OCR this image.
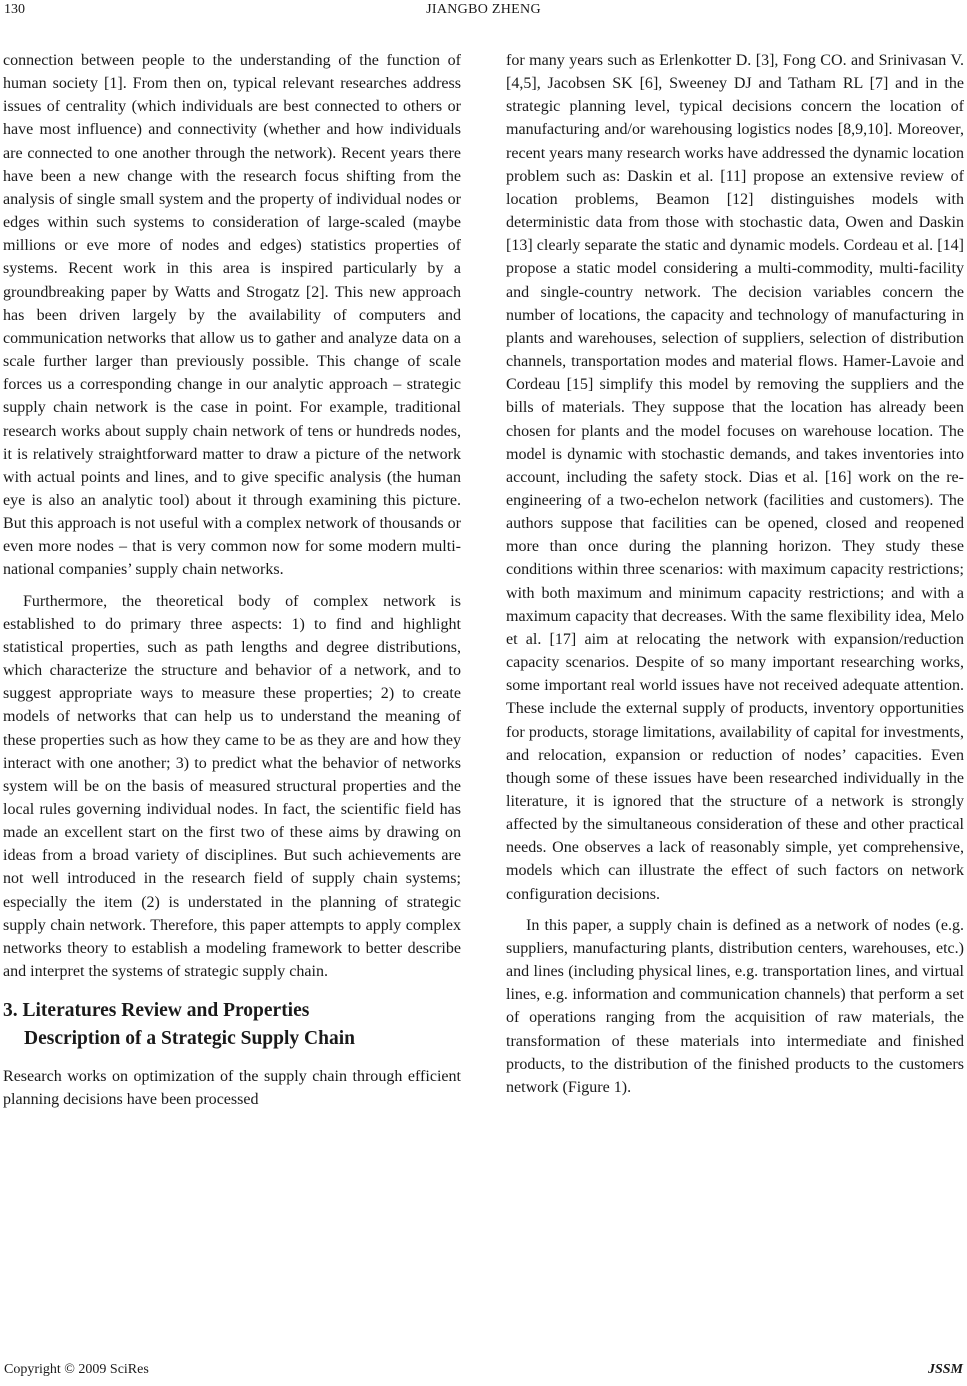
130	JIANGBO ZHENG

connection between people to the understanding of the function of human society [1]. From then on, typical relevant researches address issues of centrality (which individuals are best connected to others or have most influence) and connectivity (whether and how individuals are connected to one another through the network). Recent years there have been a new change with the research focus shifting from the analysis of single small system and the property of individual nodes or edges within such systems to consideration of large-scaled (maybe millions or eve more of nodes and edges) statistics properties of systems. Recent work in this area is inspired particularly by a groundbreaking paper by Watts and Strogatz [2]. This new approach has been driven largely by the availability of computers and communication networks that allow us to gather and analyze data on a scale further larger than previously possible. This change of scale forces us a corresponding change in our analytic approach – strategic supply chain network is the case in point. For example, traditional research works about supply chain network of tens or hundreds nodes, it is relatively straightforward matter to draw a picture of the network with actual points and lines, and to give specific analysis (the human eye is also an analytic tool) about it through examining this picture. But this approach is not useful with a complex network of thousands or even more nodes – that is very common now for some modern multi-national companies’ supply chain networks.

Furthermore, the theoretical body of complex network is established to do primary three aspects: 1) to find and highlight statistical properties, such as path lengths and degree distributions, which characterize the structure and behavior of a network, and to suggest appropriate ways to measure these properties; 2) to create models of networks that can help us to understand the meaning of these properties such as how they came to be as they are and how they interact with one another; 3) to predict what the behavior of networks system will be on the basis of measured structural properties and the local rules governing individual nodes. In fact, the scientific field has made an excellent start on the first two of these aims by drawing on ideas from a broad variety of disciplines. But such achievements are not well introduced in the research field of supply chain systems; especially the item (2) is understated in the planning of strategic supply chain network. Therefore, this paper attempts to apply complex networks theory to establish a modeling framework to better describe and interpret the systems of strategic supply chain.

3. Literatures Review and Properties
Description of a Strategic Supply Chain

Research works on optimization of the supply chain through efficient planning decisions have been processed

for many years such as Erlenkotter D. [3], Fong CO. and Srinivasan V. [4,5], Jacobsen SK [6], Sweeney DJ and Tatham RL [7] and in the strategic planning level, typical decisions concern the location of manufacturing and/or warehousing logistics nodes [8,9,10]. Moreover, recent years many research works have addressed the dynamic location problem such as: Daskin et al. [11] propose an extensive review of location problems, Beamon [12] distinguishes models with deterministic data from those with stochastic data, Owen and Daskin [13] clearly separate the static and dynamic models. Cordeau et al. [14] propose a static model considering a multi-commodity, multi-facility and single-country network. The decision variables concern the number of locations, the capacity and technology of manufacturing in plants and warehouses, selection of suppliers, selection of distribution channels, transportation modes and material flows. Hamer-Lavoie and Cordeau [15] simplify this model by removing the suppliers and the bills of materials. They suppose that the location has already been chosen for plants and the model focuses on warehouse location. The model is dynamic with stochastic demands, and takes inventories into account, including the safety stock. Dias et al. [16] work on the re-engineering of a two-echelon network (facilities and customers). The authors suppose that facilities can be opened, closed and reopened more than once during the planning horizon. They study these conditions within three scenarios: with maximum capacity restrictions; with both maximum and minimum capacity restrictions; and with a maximum capacity that decreases. With the same flexibility idea, Melo et al. [17] aim at relocating the network with expansion/reduction capacity scenarios. Despite of so many important researching works, some important real world issues have not received adequate attention. These include the external supply of products, inventory opportunities for products, storage limitations, availability of capital for investments, and relocation, expansion or reduction of nodes’ capacities. Even though some of these issues have been researched individually in the literature, it is ignored that the structure of a network is strongly affected by the simultaneous consideration of these and other practical needs. One observes a lack of reasonably simple, yet comprehensive, models which can illustrate the effect of such factors on network configuration decisions.

In this paper, a supply chain is defined as a network of nodes (e.g. suppliers, manufacturing plants, distribution centers, warehouses, etc.) and lines (including physical lines, e.g. transportation lines, and virtual lines, e.g. information and communication channels) that perform a set of operations ranging from the acquisition of raw materials, the transformation of these materials into intermediate and finished products, to the distribution of the finished products to the customers network (Figure 1).

Copyright © 2009 SciRes	JSSM
